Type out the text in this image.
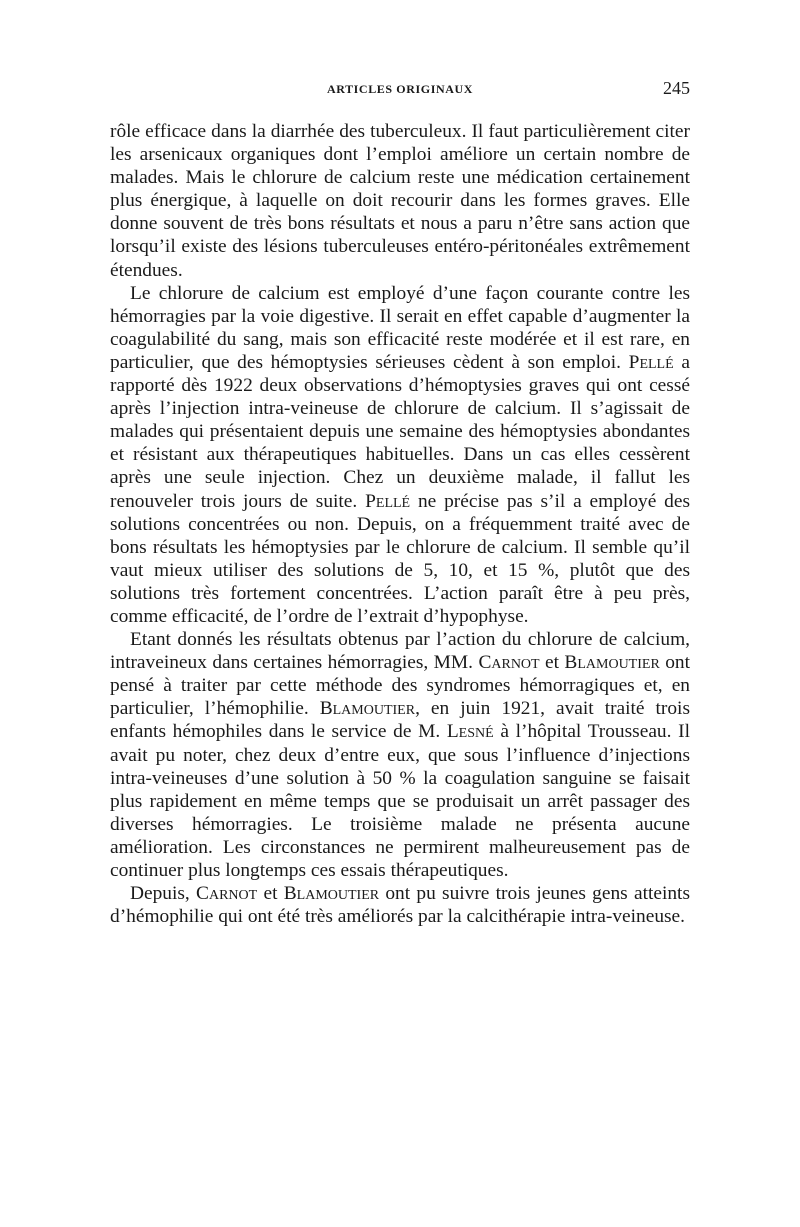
ARTICLES ORIGINAUX	245

rôle efficace dans la diarrhée des tuberculeux. Il faut particulièrement citer les arsenicaux organiques dont l’emploi améliore un certain nombre de malades. Mais le chlorure de calcium reste une médication certainement plus énergique, à laquelle on doit recourir dans les formes graves. Elle donne souvent de très bons résultats et nous a paru n’être sans action que lorsqu’il existe des lésions tuberculeuses entéro-péritonéales extrêmement étendues.

Le chlorure de calcium est employé d’une façon courante contre les hémorragies par la voie digestive. Il serait en effet capable d’augmenter la coagulabilité du sang, mais son efficacité reste modérée et il est rare, en particulier, que des hémoptysies sérieuses cèdent à son emploi. Pellé a rapporté dès 1922 deux observations d’hémoptysies graves qui ont cessé après l’injection intra-veineuse de chlorure de calcium. Il s’agissait de malades qui présentaient depuis une semaine des hémoptysies abondantes et résistant aux thérapeutiques habituelles. Dans un cas elles cessèrent après une seule injection. Chez un deuxième malade, il fallut les renouveler trois jours de suite. Pellé ne précise pas s’il a employé des solutions concentrées ou non. Depuis, on a fréquemment traité avec de bons résultats les hémoptysies par le chlorure de calcium. Il semble qu’il vaut mieux utiliser des solutions de 5, 10, et 15 %, plutôt que des solutions très fortement concentrées. L’action paraît être à peu près, comme efficacité, de l’ordre de l’extrait d’hypophyse.

Etant donnés les résultats obtenus par l’action du chlorure de calcium, intraveineux dans certaines hémorragies, MM. Carnot et Blamoutier ont pensé à traiter par cette méthode des syndromes hémorragiques et, en particulier, l’hémophilie. Blamoutier, en juin 1921, avait traité trois enfants hémophiles dans le service de M. Lesné à l’hôpital Trousseau. Il avait pu noter, chez deux d’entre eux, que sous l’influence d’injections intra-veineuses d’une solution à 50 % la coagulation sanguine se faisait plus rapidement en même temps que se produisait un arrêt passager des diverses hémorragies. Le troisième malade ne présenta aucune amélioration. Les circonstances ne permirent malheureusement pas de continuer plus longtemps ces essais thérapeutiques.

Depuis, Carnot et Blamoutier ont pu suivre trois jeunes gens atteints d’hémophilie qui ont été très améliorés par la calcithérapie intra-veineuse.
